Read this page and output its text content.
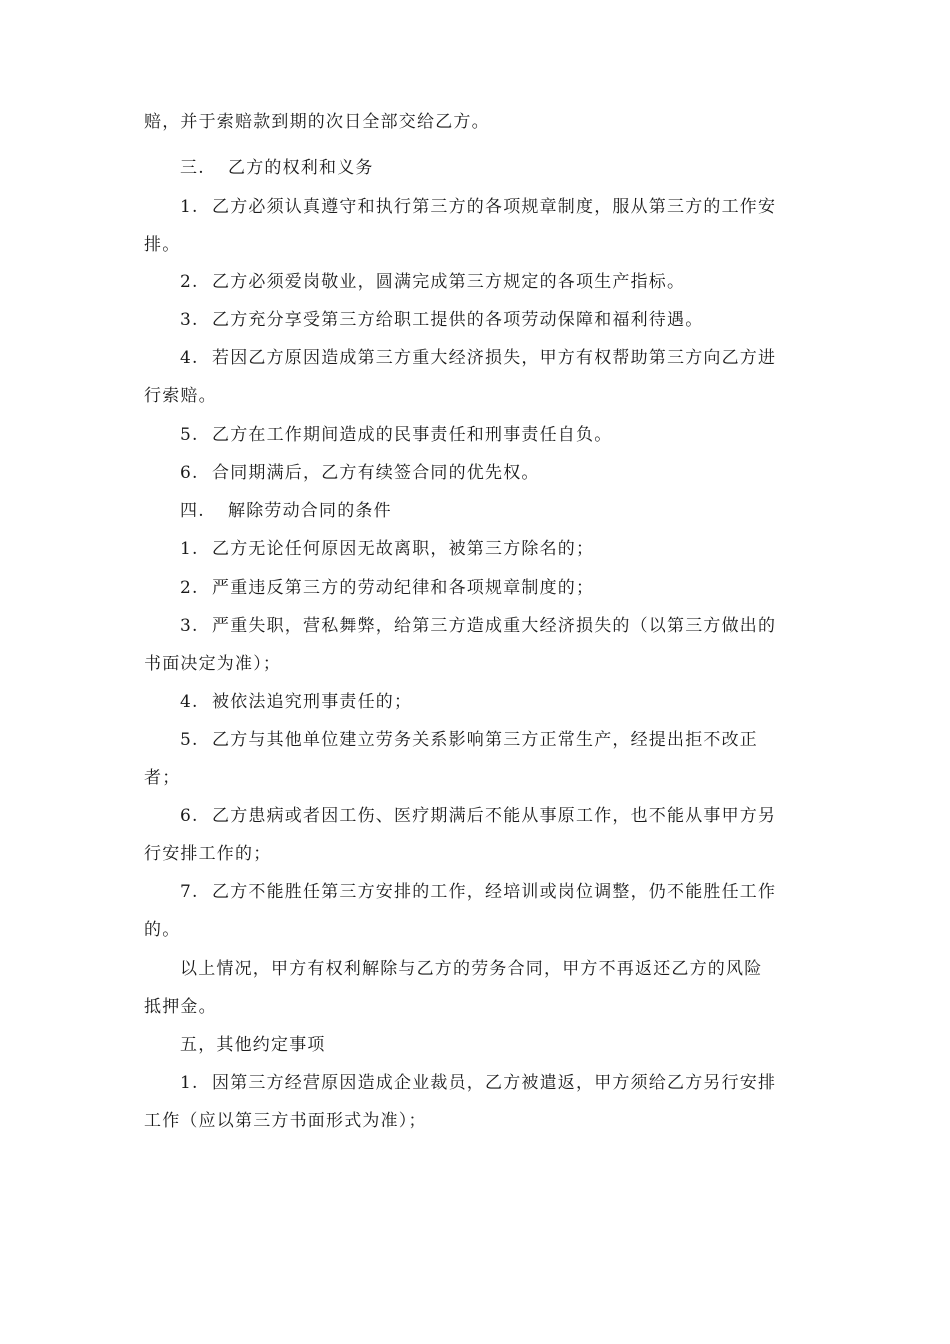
赔，并于索赔款到期的次日全部交给乙方。
三. 乙方的权利和义务
1. 乙方必须认真遵守和执行第三方的各项规章制度，服从第三方的工作安
排。
2. 乙方必须爱岗敬业，圆满完成第三方规定的各项生产指标。
3. 乙方充分享受第三方给职工提供的各项劳动保障和福利待遇。
4. 若因乙方原因造成第三方重大经济损失，甲方有权帮助第三方向乙方进
行索赔。
5. 乙方在工作期间造成的民事责任和刑事责任自负。
6. 合同期满后，乙方有续签合同的优先权。
四. 解除劳动合同的条件
1. 乙方无论任何原因无故离职，被第三方除名的；
2. 严重违反第三方的劳动纪律和各项规章制度的；
3. 严重失职，营私舞弊，给第三方造成重大经济损失的（以第三方做出的
书面决定为准）；
4. 被依法追究刑事责任的；
5. 乙方与其他单位建立劳务关系影响第三方正常生产，经提出拒不改正
者；
6. 乙方患病或者因工伤、医疗期满后不能从事原工作，也不能从事甲方另
行安排工作的；
7. 乙方不能胜任第三方安排的工作，经培训或岗位调整，仍不能胜任工作
的。
以上情况，甲方有权利解除与乙方的劳务合同，甲方不再返还乙方的风险
抵押金。
五，其他约定事项
1. 因第三方经营原因造成企业裁员，乙方被遣返，甲方须给乙方另行安排
工作（应以第三方书面形式为准）；
